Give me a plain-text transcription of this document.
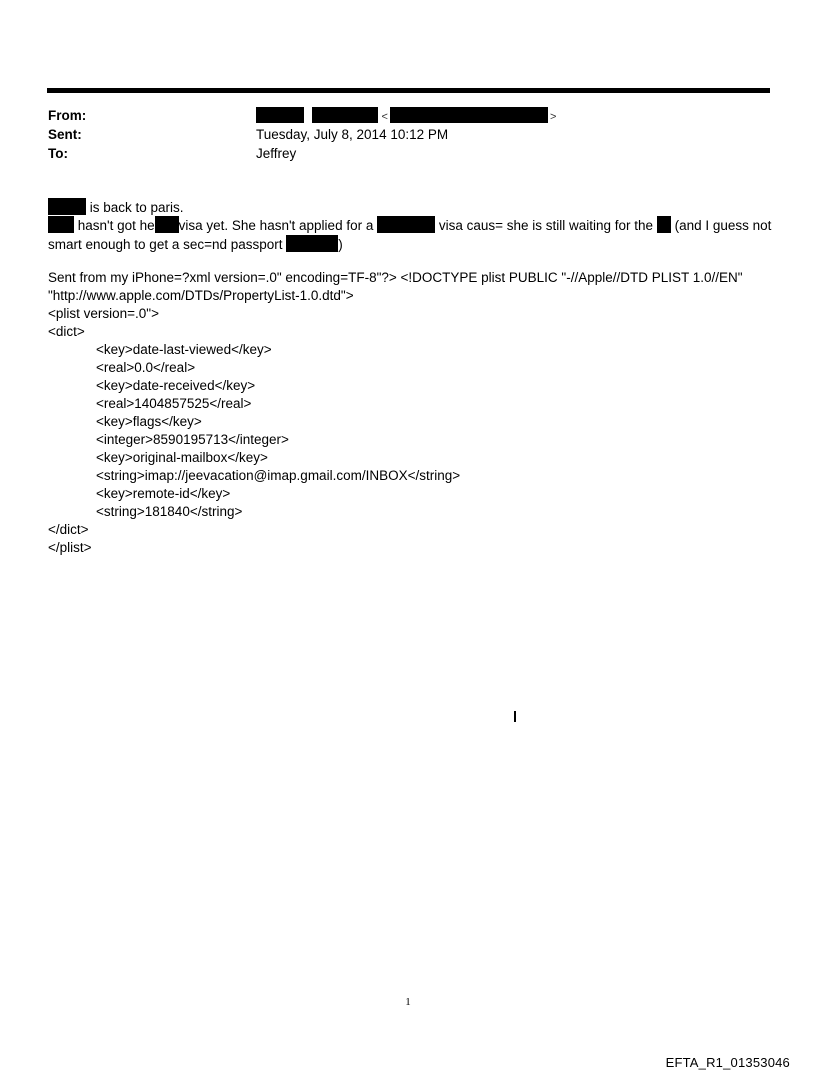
From:	<	>
Sent:	Tuesday, July 8, 2014 10:12 PM
To:	Jeffrey
is back to paris.
hasn't got he visa yet. She hasn't applied for a	visa caus= she is still waiting for the  (and I guess not smart enough to get a sec=nd passport	)
Sent from my iPhone=?xml version=.0" encoding=TF-8"?> <!DOCTYPE plist PUBLIC "-//Apple//DTD PLIST 1.0//EN"
"http://www.apple.com/DTDs/PropertyList-1.0.dtd">
<plist version=.0">
<dict>
<key>date-last-viewed</key>
<real>0.0</real>
<key>date-received</key>
<real>1404857525</real>
<key>flags</key>
<integer>8590195713</integer>
<key>original-mailbox</key>
<string>imap://jeevacation@imap.gmail.com/INBOX</string>
<key>remote-id</key>
<string>181840</string>
</dict>
</plist>
1
EFTA_R1_01353046
